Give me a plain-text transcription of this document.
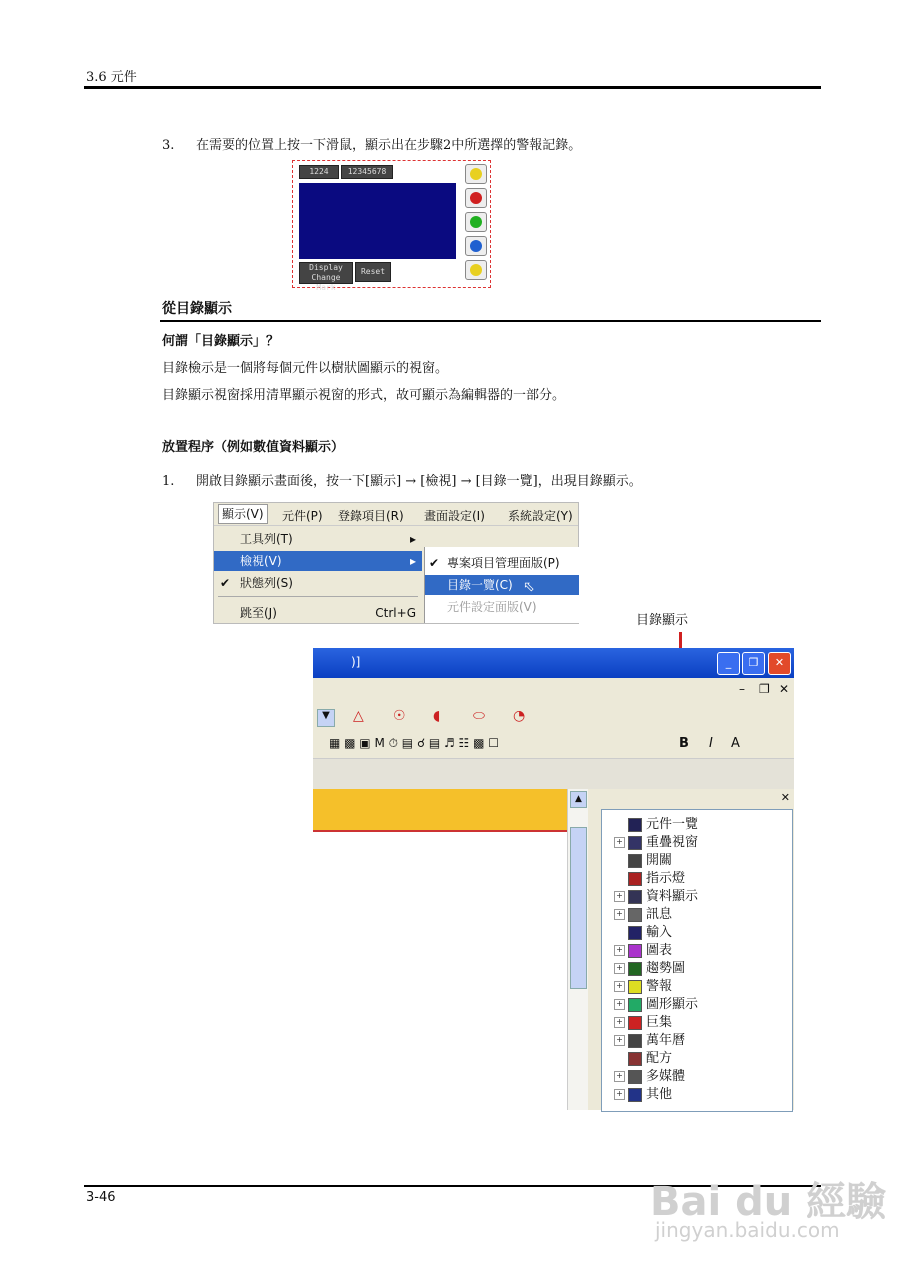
3.6 元件
3. 在需要的位置上按一下滑鼠，顯示出在步驟2中所選擇的警報記錄。
1224	12345678
Display Change Mark
Reset
從目錄顯示
何謂「目錄顯示」？
目錄檢示是一個將每個元件以樹狀圖顯示的視窗。
目錄顯示視窗採用清單顯示視窗的形式，故可顯示為編輯器的一部分。
放置程序（例如數值資料顯示）
1. 開啟目錄顯示畫面後，按一下[顯示] → [檢視] → [目錄一覽]，出現目錄顯示。
顯示(V)	元件(P) 登錄項目(R) 畫面設定(I) 系統設定(Y)
工具列(T)	▸
檢視(V)	▸
✔ 狀態列(S)
跳至(J)	Ctrl+G
✔ 專案項目管理面版(P)
目錄一覽(C) ⬁
元件設定面版(V)
目錄顯示
)]	_	❐	✕
– ❐ ✕
▼	△ ☉ ◖ ⬭ ◔
▦ ▩ ▣ M ⏱ ▤ ☌ ▤ ♬ ☷ ▩ ☐	B I A
▲	✕
元件一覽
+ 重疊視窗
開關
指示燈
+ 資料顯示
+ 訊息
輸入
+ 圖表
+ 趨勢圖
+ 警報
+ 圖形顯示
+ 巨集
+ 萬年曆
配方
+ 多媒體
+ 其他
3-46	Bai du 經驗
jingyan.baidu.com
